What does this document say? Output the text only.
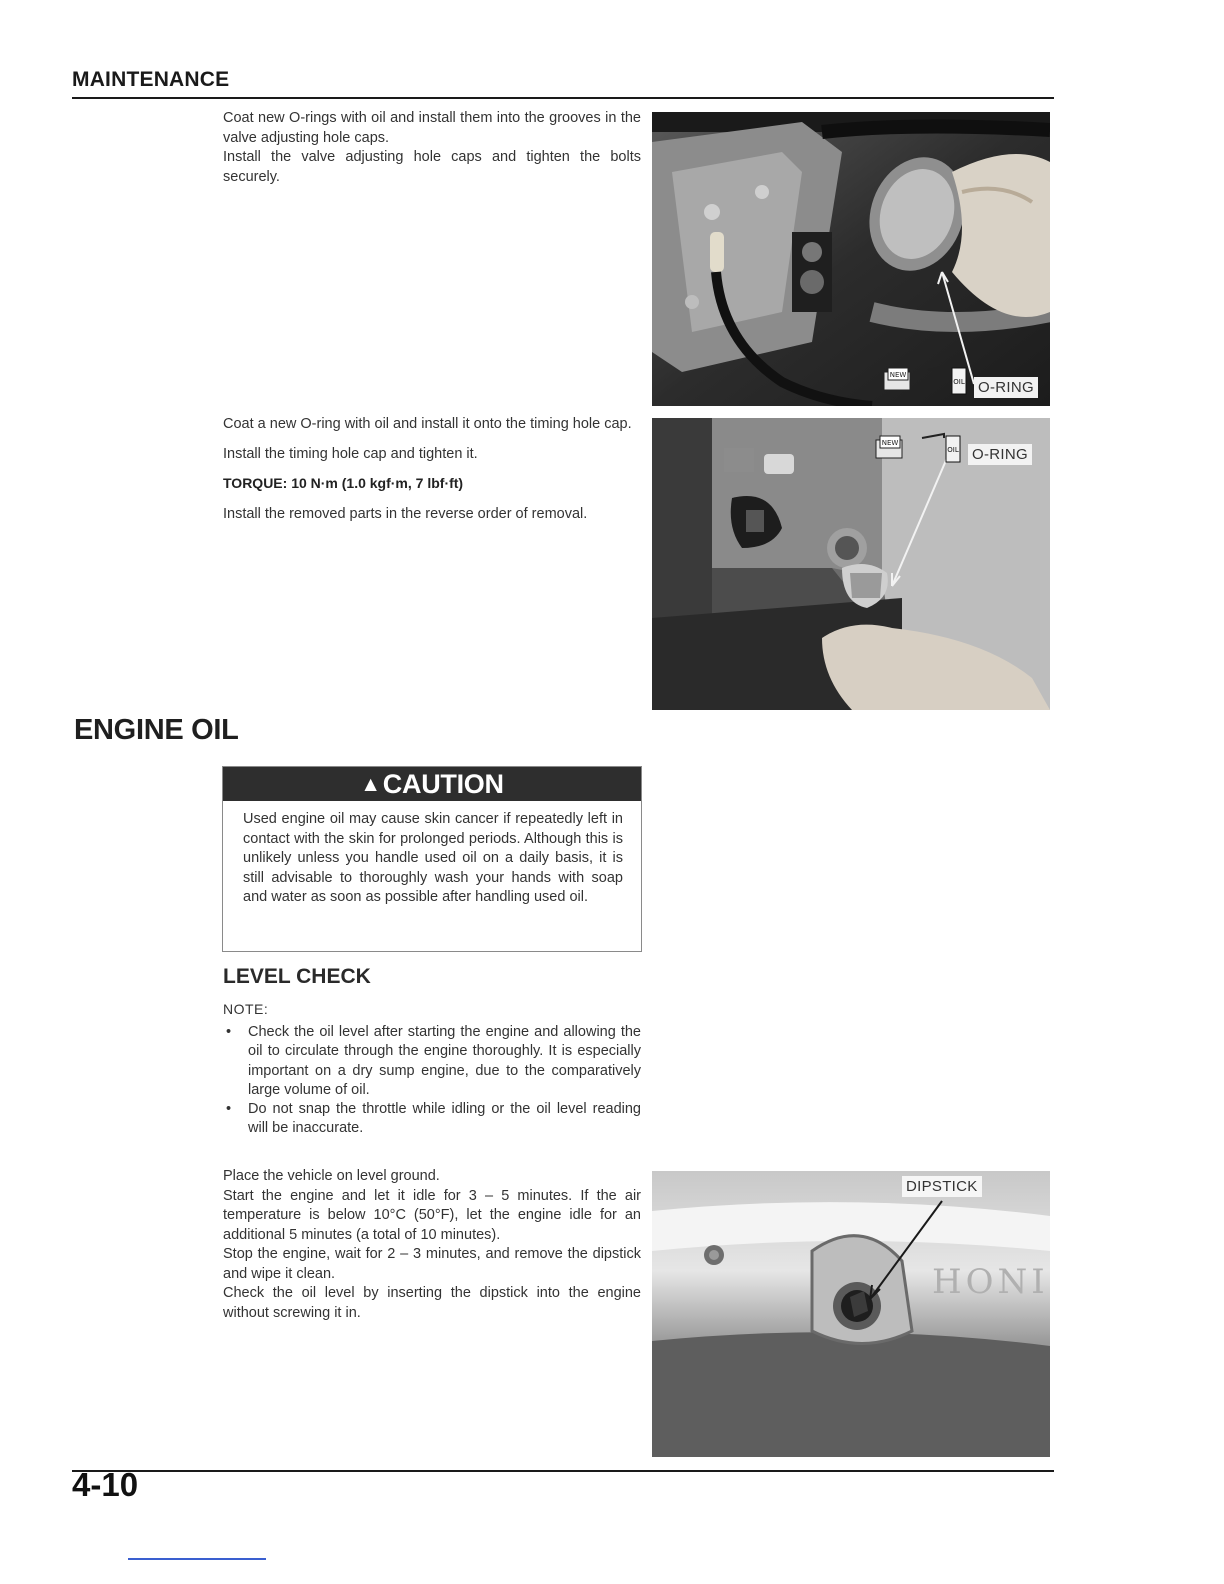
MAINTENANCE

Coat new O-rings with oil and install them into the grooves in the valve adjusting hole caps.

Install the valve adjusting hole caps and tighten the bolts securely.

NEW
OIL O-RING

Coat a new O-ring with oil and install it onto the timing hole cap.

Install the timing hole cap and tighten it.

TORQUE: 10 N·m (1.0 kgf·m, 7 lbf·ft)

Install the removed parts in the reverse order of removal.

NEW
OIL O-RING
ENGINE OIL
▲CAUTION
Used engine oil may cause skin cancer if repeatedly left in contact with the skin for prolonged periods. Although this is unlikely unless you handle used oil on a daily basis, it is still advisable to thoroughly wash your hands with soap and water as soon as possible after handling used oil.
LEVEL CHECK
NOTE:
• Check the oil level after starting the engine and allowing the oil to circulate through the engine thoroughly. It is especially important on a dry sump engine, due to the comparatively large volume of oil.
• Do not snap the throttle while idling or the oil level reading will be inaccurate.

Place the vehicle on level ground.

Start the engine and let it idle for 3 – 5 minutes. If the air temperature is below 10°C (50°F), let the engine idle for an additional 5 minutes (a total of 10 minutes).

Stop the engine, wait for 2 – 3 minutes, and remove the dipstick and wipe it clean.

Check the oil level by inserting the dipstick into the engine without screwing it in.

HONI
DIPSTICK
4-10
